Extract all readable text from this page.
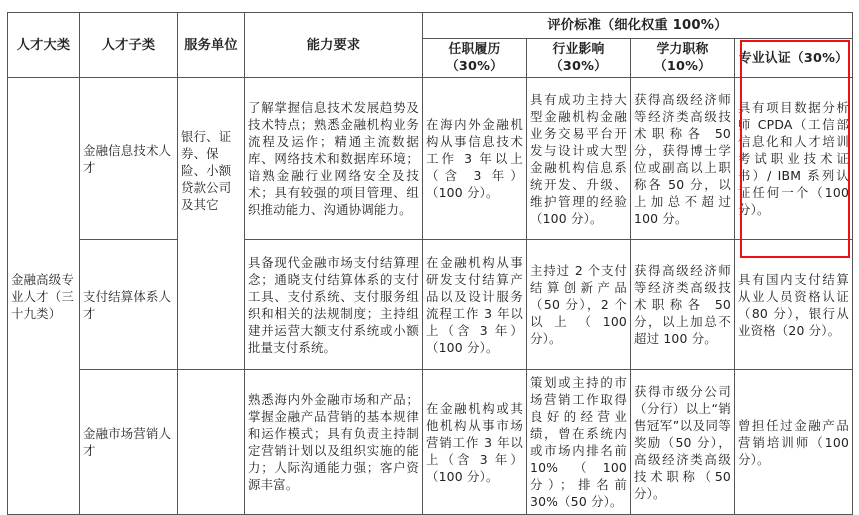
人才大类	人才子类	服务单位	能力要求	评价标准（细化权重 100%）			
				任职履历（30%）	行业影响（30%）	学力职称（10%）	专业认证（30%）
金融高级专业人才（三十九类）	金融信息技术人才	银行、证券、保险、小额贷款公司及其它	了解掌握信息技术发展趋势及技术特点；熟悉金融机构业务流程及运作；精通主流数据库、网络技术和数据库环境；谙熟金融行业网络安全及技术；具有较强的项目管理、组织推动能力、沟通协调能力。	在海内外金融机构从事信息技术工作 3 年以上（含 3 年）（100 分）。	具有成功主持大型金融机构金融业务交易平台开发与设计或大型金融机构信息系统开发、升级、维护管理的经验（100 分）。	获得高级经济师等经济类高级技术职称各 50 分，获得博士学位或副高以上职称各 50 分，以上加总不超过 100 分。	具有项目数据分析师 CPDA（工信部信息化和人才培训考试职业技术证书）/ IBM 系列认证任何一个（100 分）。
	支付结算体系人才		具备现代金融市场支付结算理念；通晓支付结算体系的支付工具、支付系统、支付服务组织和相关的法规制度；主持组建并运营大额支付系统或小额批量支付系统。	在金融机构从事研发支付结算产品以及设计服务流程工作 3 年以上（含 3 年）（100 分）。	主持过 2 个支付结算创新产品（50 分），2 个以上（100 分）。	获得高级经济师等经济类高级技术职称各 50 分，以上加总不超过 100 分。	具有国内支付结算从业人员资格认证（80 分），银行从业资格（20 分）。
	金融市场营销人才		熟悉海内外金融市场和产品；掌握金融产品营销的基本规律和运作模式；具有负责主持制定营销计划以及组织实施的能力；人际沟通能力强；客户资源丰富。	在金融机构或其他机构从事市场营销工作 3 年以上（含 3 年）（100 分）。	策划或主持的市场营销工作取得良好的经营业绩，曾在系统内或市场内排名前 10%（100 分）；排名前 30%（50 分）。	获得市级分公司（分行）以上“销售冠军”以及同等奖励（50 分），高级经济类高级技术职称（50 分）。	曾担任过金融产品营销培训师（100 分）。
